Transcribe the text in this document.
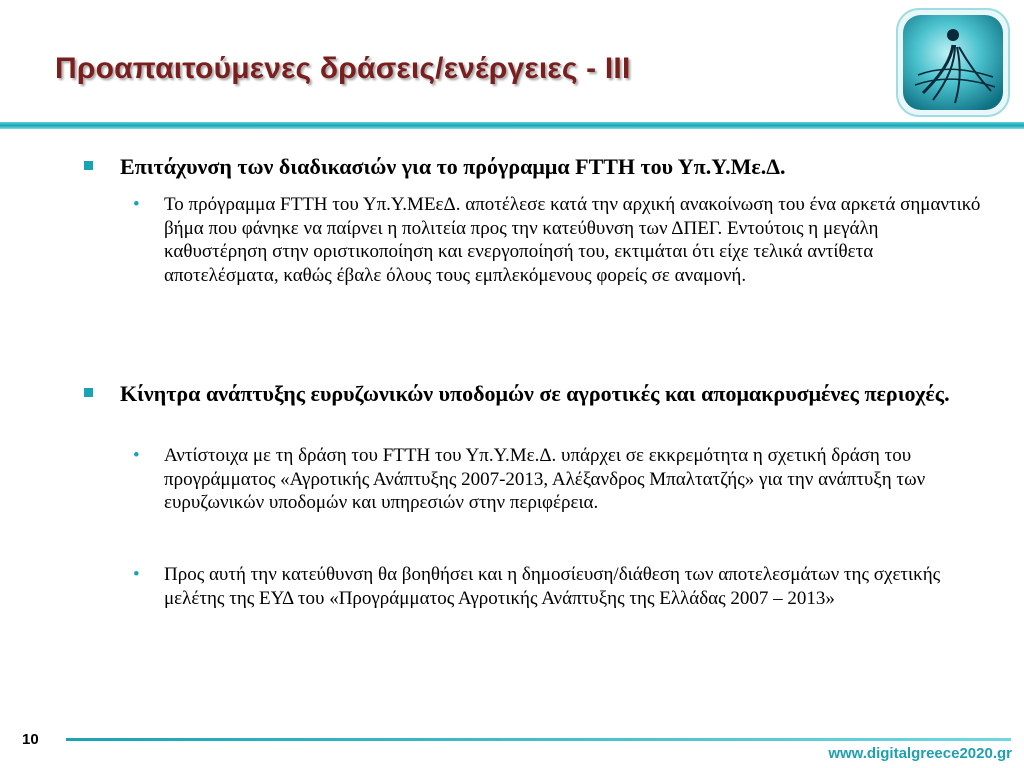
Προαπαιτούμενες δράσεις/ενέργειες - ΙΙΙ
Επιτάχυνση των διαδικασιών για το πρόγραμμα FTTH του Υπ.Υ.Με.Δ.
• Το πρόγραμμα FTTH του Υπ.Υ.ΜΕεΔ. αποτέλεσε κατά την αρχική ανακοίνωση του ένα αρκετά σημαντικό βήμα που φάνηκε να παίρνει η πολιτεία προς την κατεύθυνση των ΔΠΕΓ. Εντούτοις η μεγάλη καθυστέρηση στην οριστικοποίηση και ενεργοποίησή του, εκτιμάται ότι είχε τελικά αντίθετα αποτελέσματα, καθώς έβαλε όλους τους εμπλεκόμενους φορείς σε αναμονή.
Κίνητρα ανάπτυξης ευρυζωνικών υποδομών σε αγροτικές και απομακρυσμένες περιοχές.
• Αντίστοιχα με τη δράση του FTTH του Υπ.Υ.Με.Δ. υπάρχει σε εκκρεμότητα η σχετική δράση του προγράμματος «Αγροτικής Ανάπτυξης 2007-2013, Αλέξανδρος Μπαλτατζής» για την ανάπτυξη των ευρυζωνικών υποδομών και υπηρεσιών στην περιφέρεια.
• Προς αυτή την κατεύθυνση θα βοηθήσει και η δημοσίευση/διάθεση των αποτελεσμάτων της σχετικής μελέτης της ΕΥΔ του «Προγράμματος Αγροτικής Ανάπτυξης της Ελλάδας 2007 – 2013»
10
www.digitalgreece2020.gr
